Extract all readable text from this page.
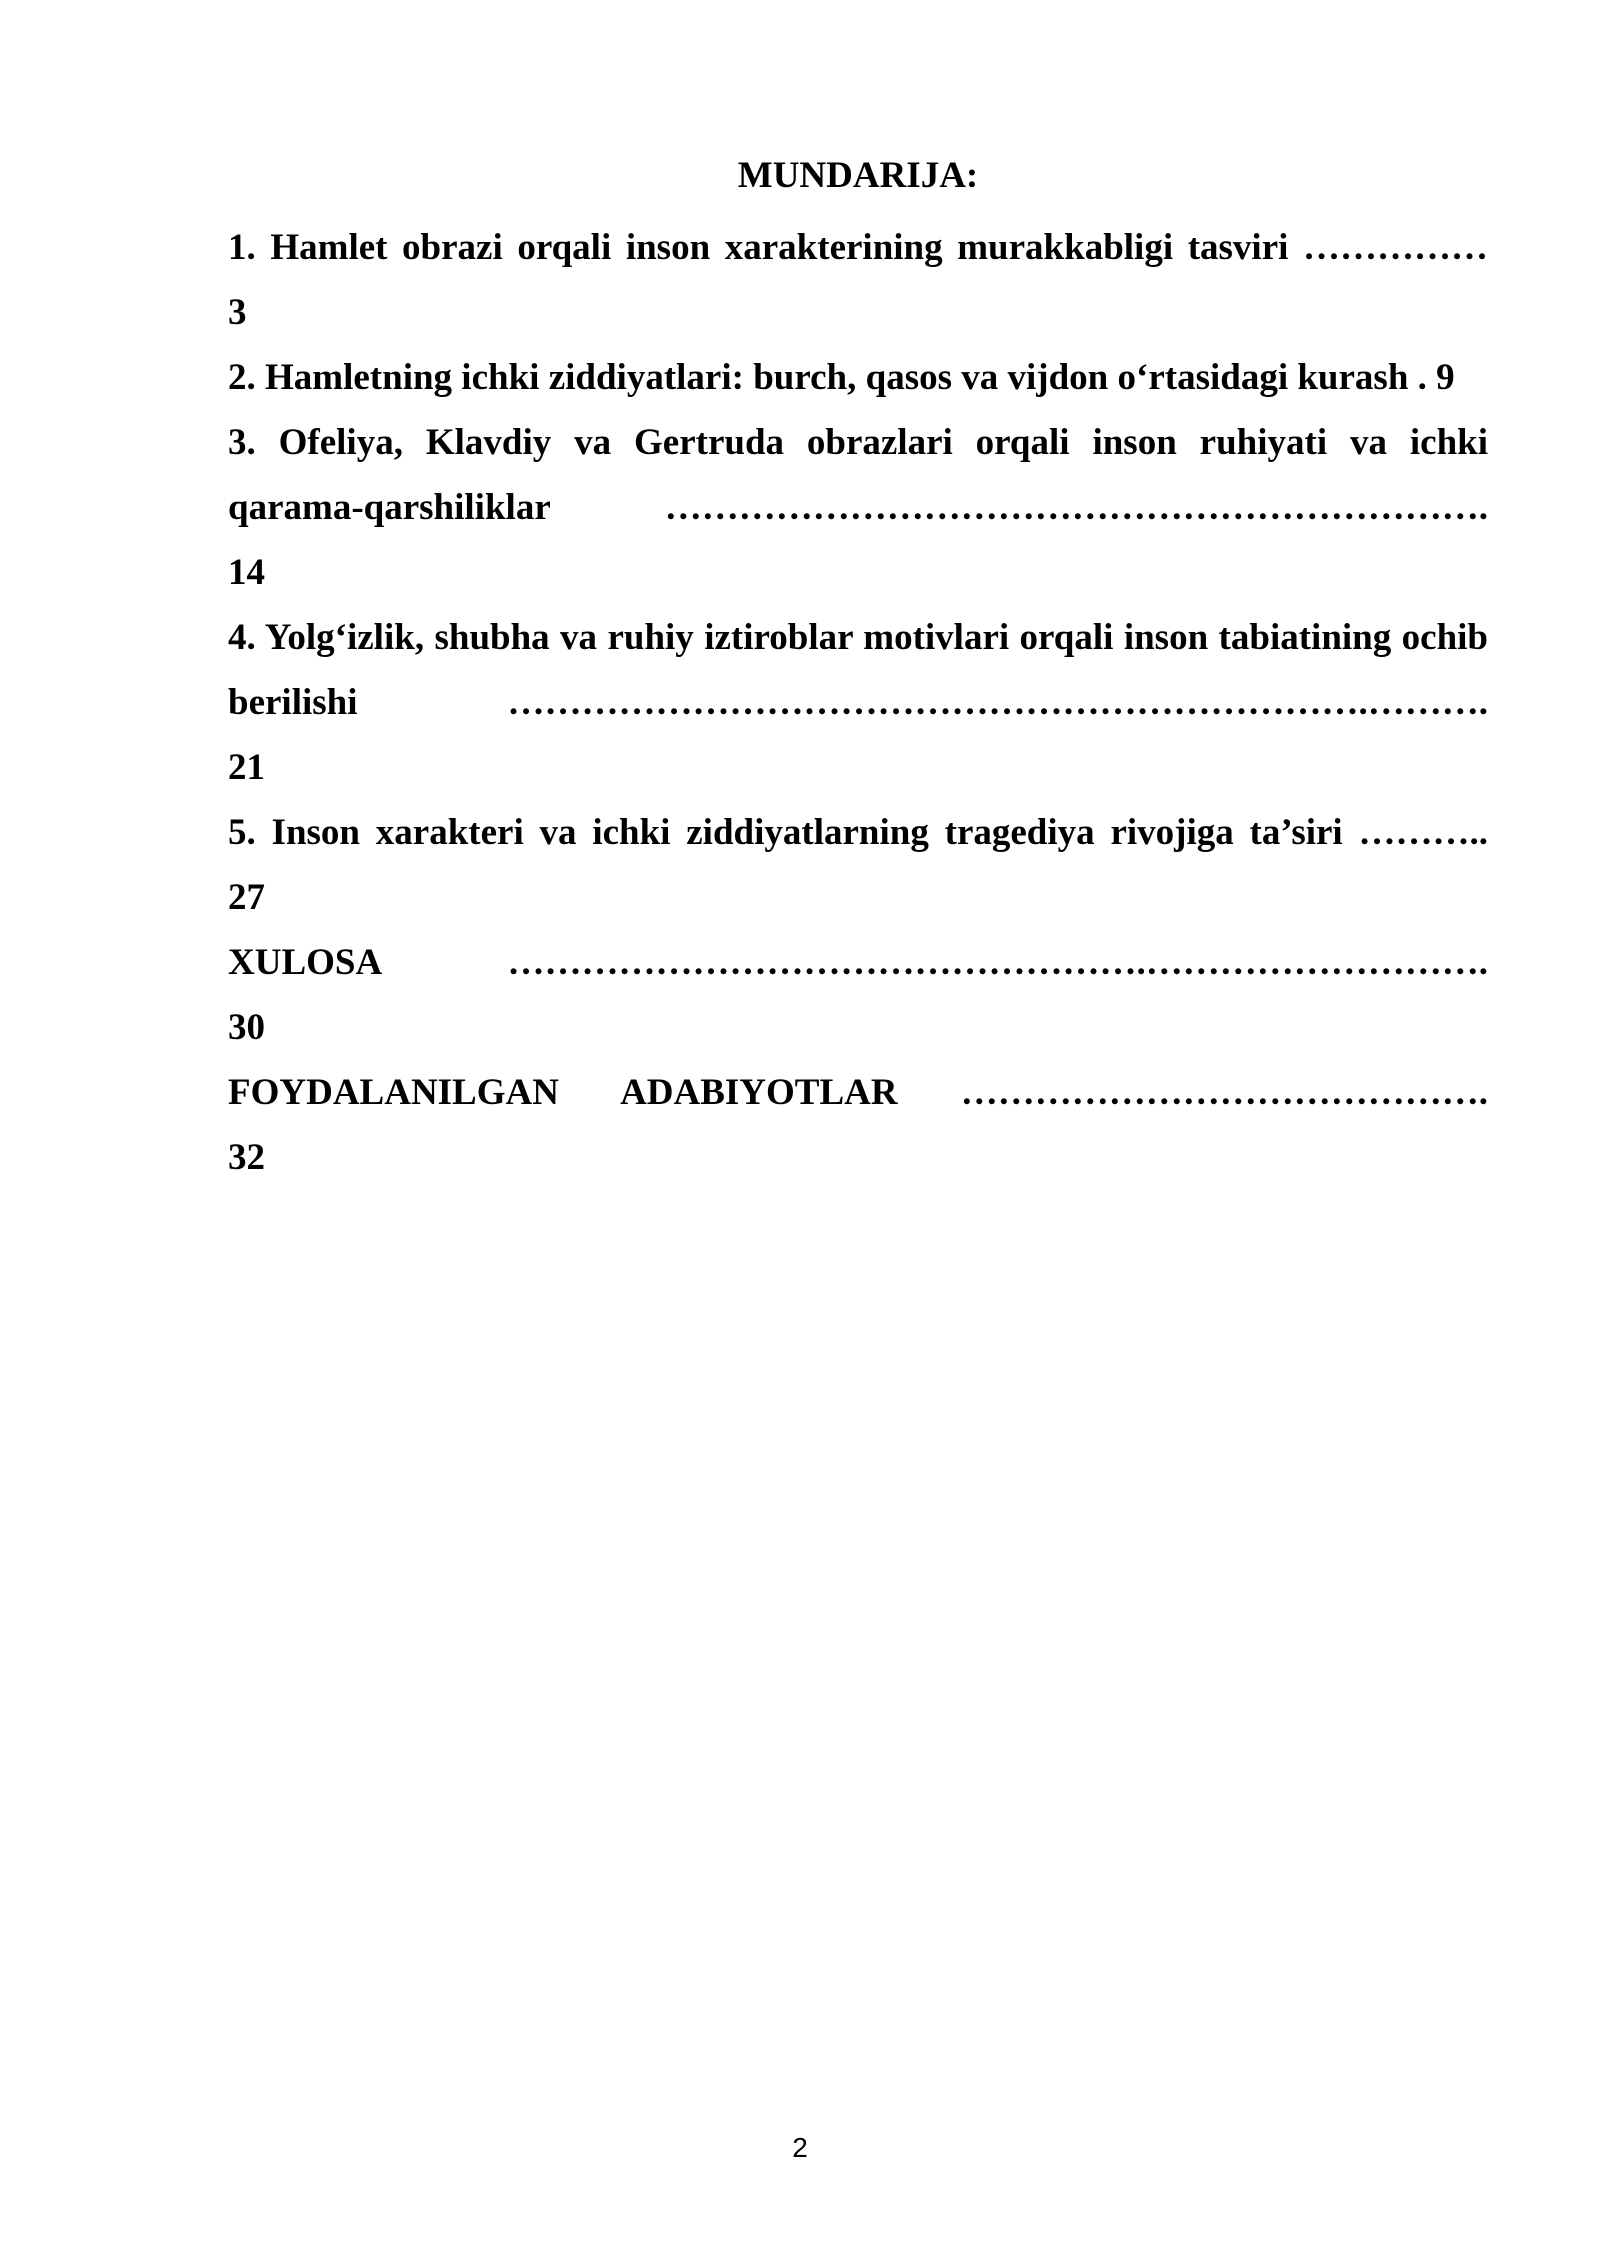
MUNDARIJA:

1. Hamlet obrazi orqali inson xarakterining murakkabligi tasviri ……………

3

2. Hamletning ichki ziddiyatlari: burch, qasos va vijdon o‘rtasidagi kurash . 9

3. Ofeliya, Klavdiy va Gertruda obrazlari orqali inson ruhiyati va ichki qarama-qarshiliklar ………………………………………………………….

14

4. Yolg‘izlik, shubha va ruhiy iztiroblar motivlari orqali inson tabiatining ochib berilishi …………………………………………………………….……….

21

5. Inson xarakteri va ichki ziddiyatlarning tragediya rivojiga ta’siri ………..

27

XULOSA …………………………………………….……………………….

30

FOYDALANILGAN ADABIYOTLAR …………………………………….

32

2
